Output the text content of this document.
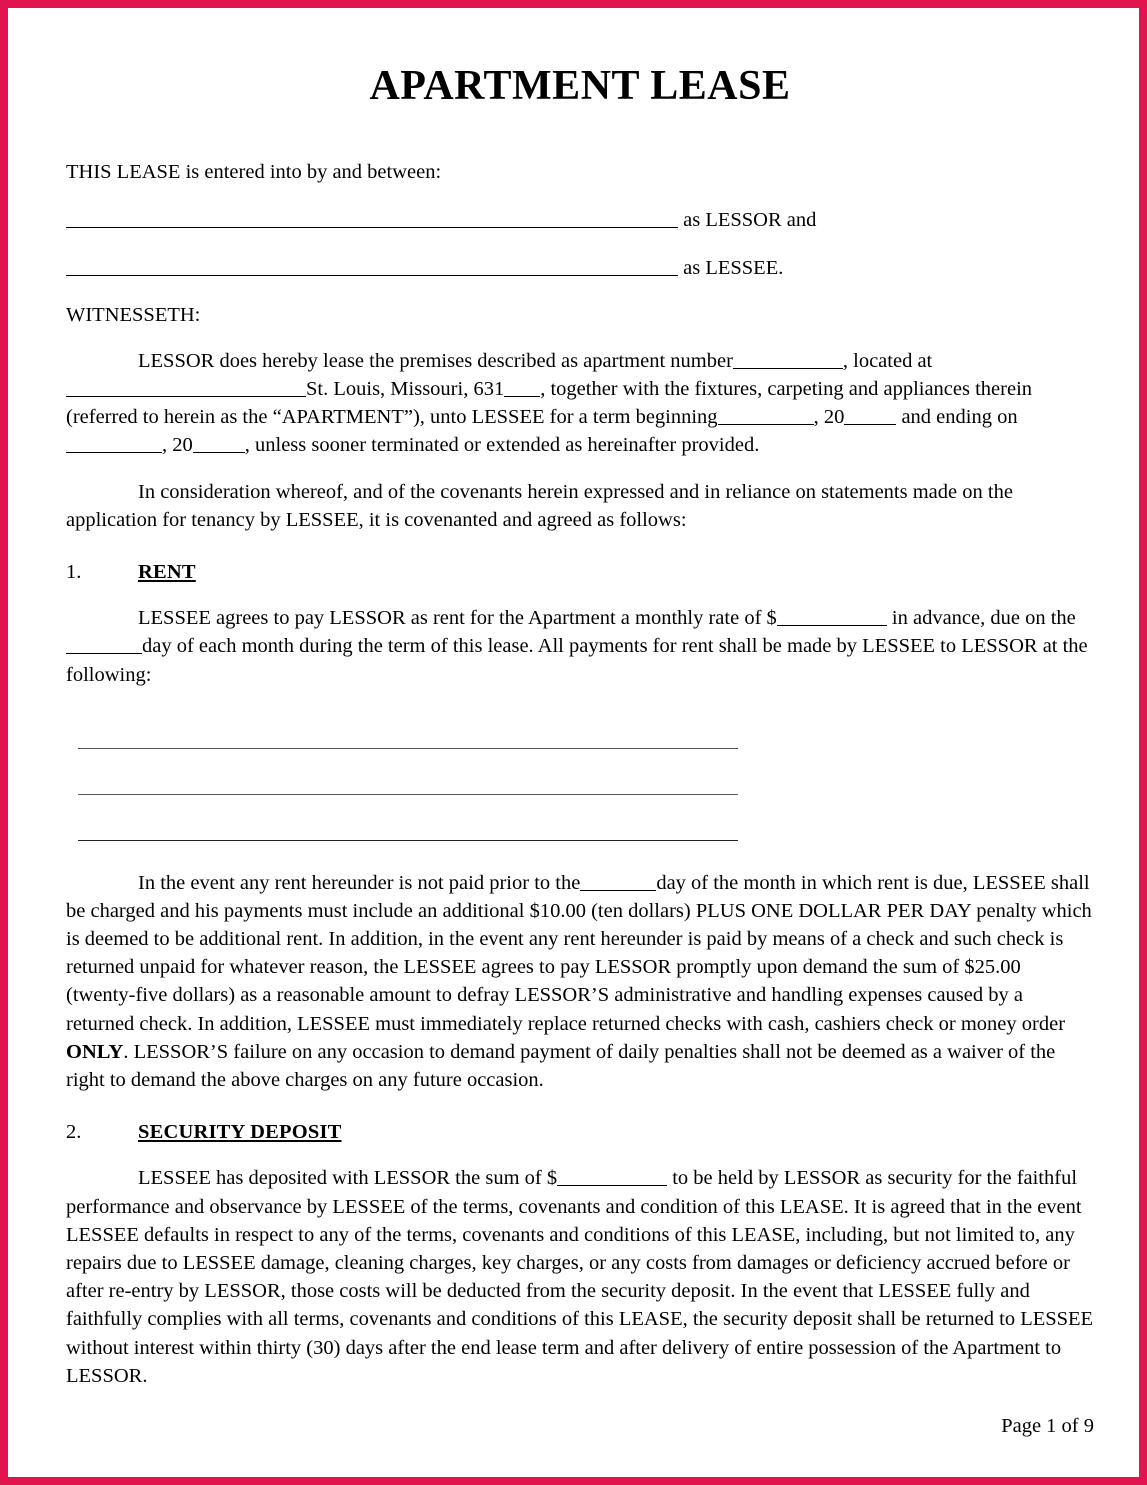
APARTMENT LEASE

THIS LEASE is entered into by and between:

as LESSOR and

as LESSEE.

WITNESSETH:

LESSOR does hereby lease the premises described as apartment number	, located atSt. Louis, Missouri, 631 , together with the fixtures, carpeting and appliances therein (referred to herein as the “APARTMENT”), unto LESSEE for a term beginning	, 20	and ending on, 20	, unless sooner terminated or extended as hereinafter provided.

In consideration whereof, and of the covenants herein expressed and in reliance on statements made on the application for tenancy by LESSEE, it is covenanted and agreed as follows:

1.	RENT

LESSEE agrees to pay LESSOR as rent for the Apartment a monthly rate of $	in advance, due on theday of each month during the term of this lease. All payments for rent shall be made by LESSEE to LESSOR at the following:

In the event any rent hereunder is not paid prior to the	day of the month in which rent is due, LESSEE shall be charged and his payments must include an additional $10.00 (ten dollars) PLUS ONE DOLLAR PER DAY penalty which is deemed to be additional rent. In addition, in the event any rent hereunder is paid by means of a check and such check is returned unpaid for whatever reason, the LESSEE agrees to pay LESSOR promptly upon demand the sum of $25.00 (twenty-five dollars) as a reasonable amount to defray LESSOR’S administrative and handling expenses caused by a returned check. In addition, LESSEE must immediately replace returned checks with cash, cashiers check or money order ONLY. LESSOR’S failure on any occasion to demand payment of daily penalties shall not be deemed as a waiver of the right to demand the above charges on any future occasion.

2.	SECURITY DEPOSIT

LESSEE has deposited with LESSOR the sum of $	to be held by LESSOR as security for the faithful performance and observance by LESSEE of the terms, covenants and condition of this LEASE. It is agreed that in the event LESSEE defaults in respect to any of the terms, covenants and conditions of this LEASE, including, but not limited to, any repairs due to LESSEE damage, cleaning charges, key charges, or any costs from damages or deficiency accrued before or after re-entry by LESSOR, those costs will be deducted from the security deposit. In the event that LESSEE fully and faithfully complies with all terms, covenants and conditions of this LEASE, the security deposit shall be returned to LESSEE without interest within thirty (30) days after the end lease term and after delivery of entire possession of the Apartment to LESSOR.

Page 1 of 9
